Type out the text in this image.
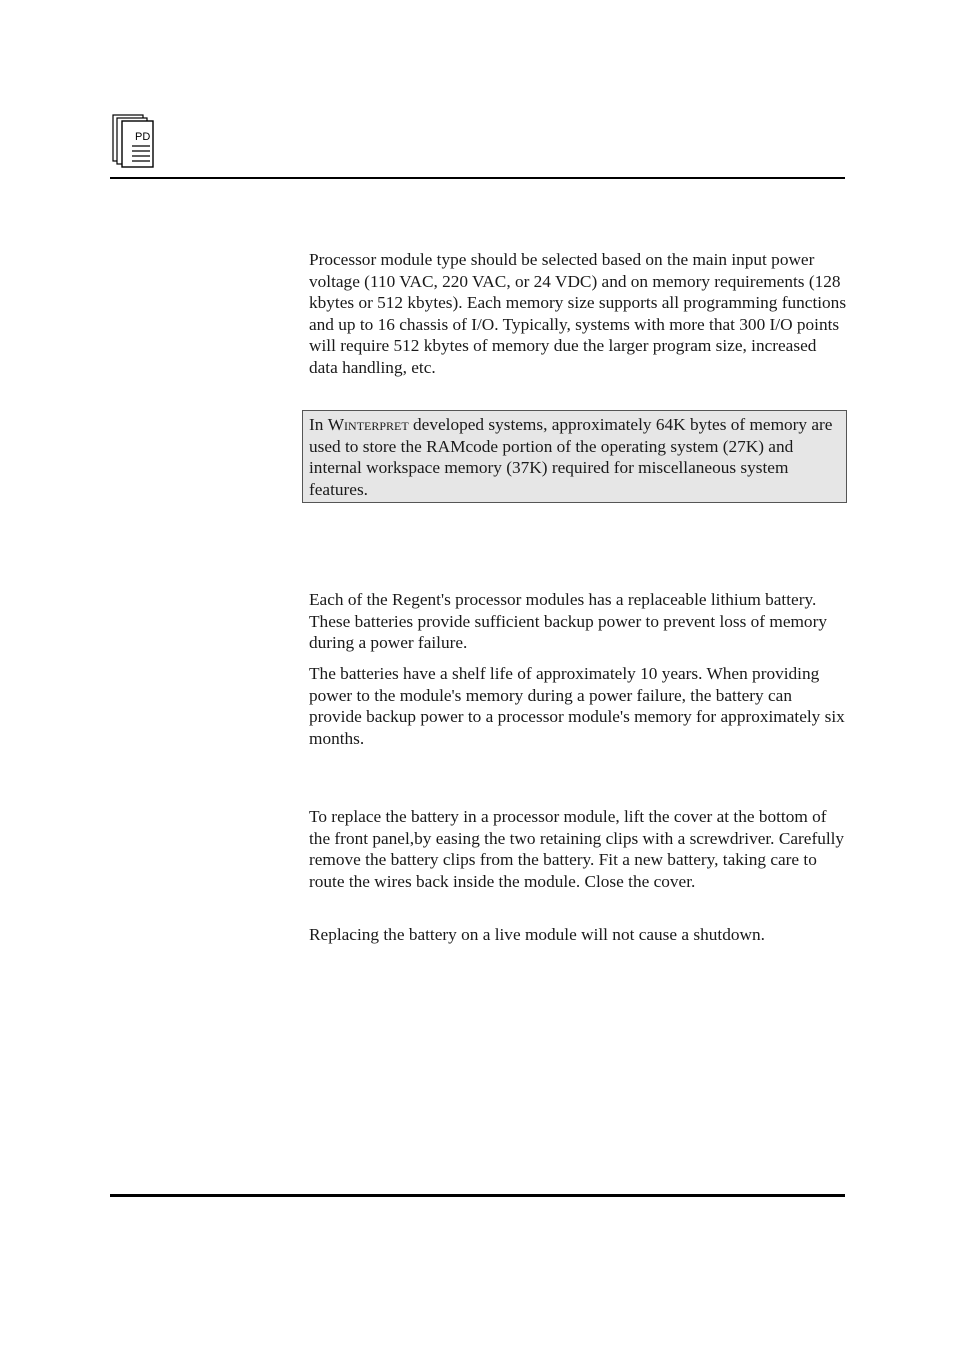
PD

Processor module type should be selected based on the main input power voltage (110 VAC, 220 VAC, or 24 VDC) and on memory requirements (128 kbytes or 512 kbytes). Each memory size supports all programming functions and up to 16 chassis of I/O. Typically, systems with more that 300 I/O points will require 512 kbytes of memory due the larger program size, increased data handling, etc.

In Winterpret developed systems, approximately 64K bytes of memory are used to store the RAMcode portion of the operating system (27K) and internal workspace memory (37K) required for miscellaneous system features.

Each of the Regent's processor modules has a replaceable lithium battery. These batteries provide sufficient backup power to prevent loss of memory during a power failure.

The batteries have a shelf life of approximately 10 years. When providing power to the module's memory during a power failure, the battery can provide backup power to a processor module's memory for approximately six months.

To replace the battery in a processor module, lift the cover at the bottom of the front panel,by easing the two retaining clips with a screwdriver. Carefully remove the battery clips from the battery. Fit a new battery, taking care to route the wires back inside the module. Close the cover.

Replacing the battery on a live module will not cause a shutdown.
